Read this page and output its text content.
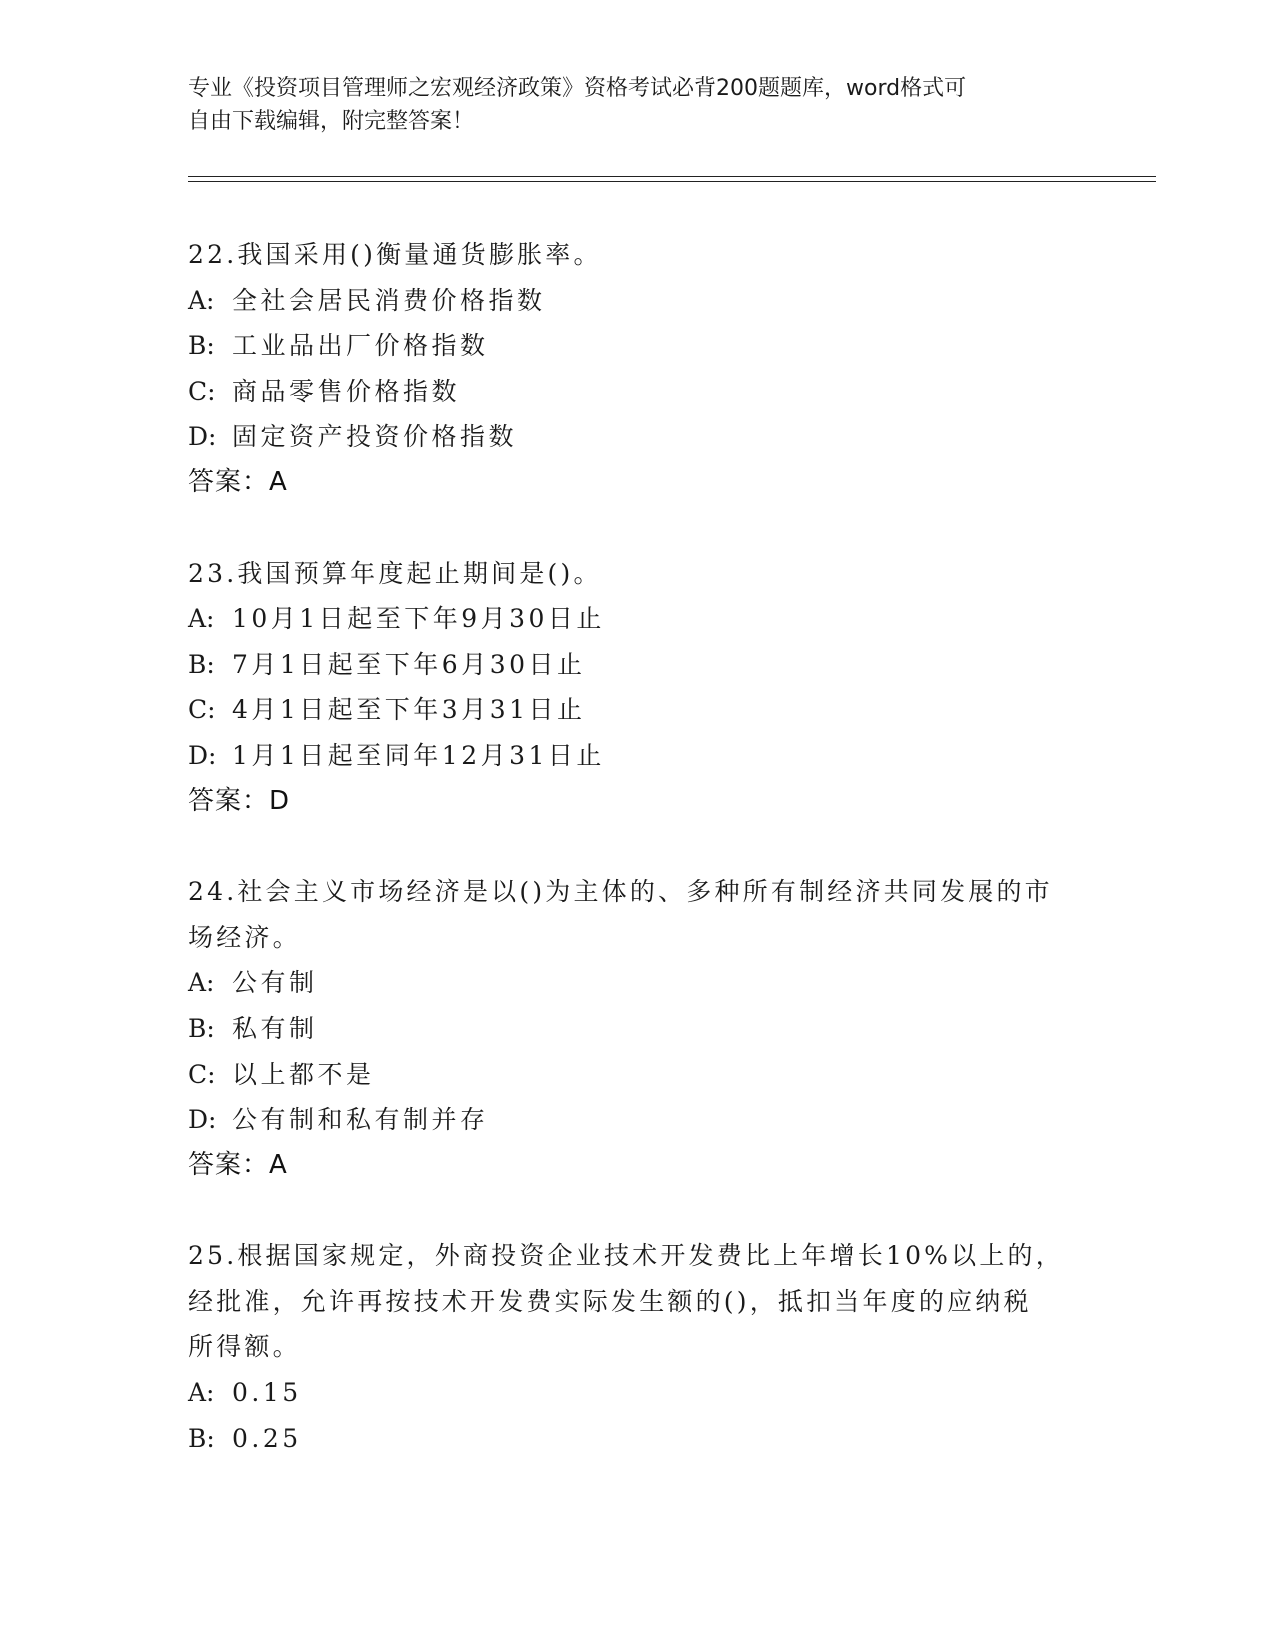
专业《投资项目管理师之宏观经济政策》资格考试必背200题题库，word格式可
自由下载编辑，附完整答案！
22.我国采用()衡量通货膨胀率。
A: 全社会居民消费价格指数
B: 工业品出厂价格指数
C: 商品零售价格指数
D: 固定资产投资价格指数
答案：A
23.我国预算年度起止期间是()。
A: 10月1日起至下年9月30日止
B: 7月1日起至下年6月30日止
C: 4月1日起至下年3月31日止
D: 1月1日起至同年12月31日止
答案：D
24.社会主义市场经济是以()为主体的、多种所有制经济共同发展的市
场经济。
A: 公有制
B: 私有制
C: 以上都不是
D: 公有制和私有制并存
答案：A
25.根据国家规定，外商投资企业技术开发费比上年增长10%以上的，
经批准，允许再按技术开发费实际发生额的()，抵扣当年度的应纳税
所得额。
A: 0.15
B: 0.25
